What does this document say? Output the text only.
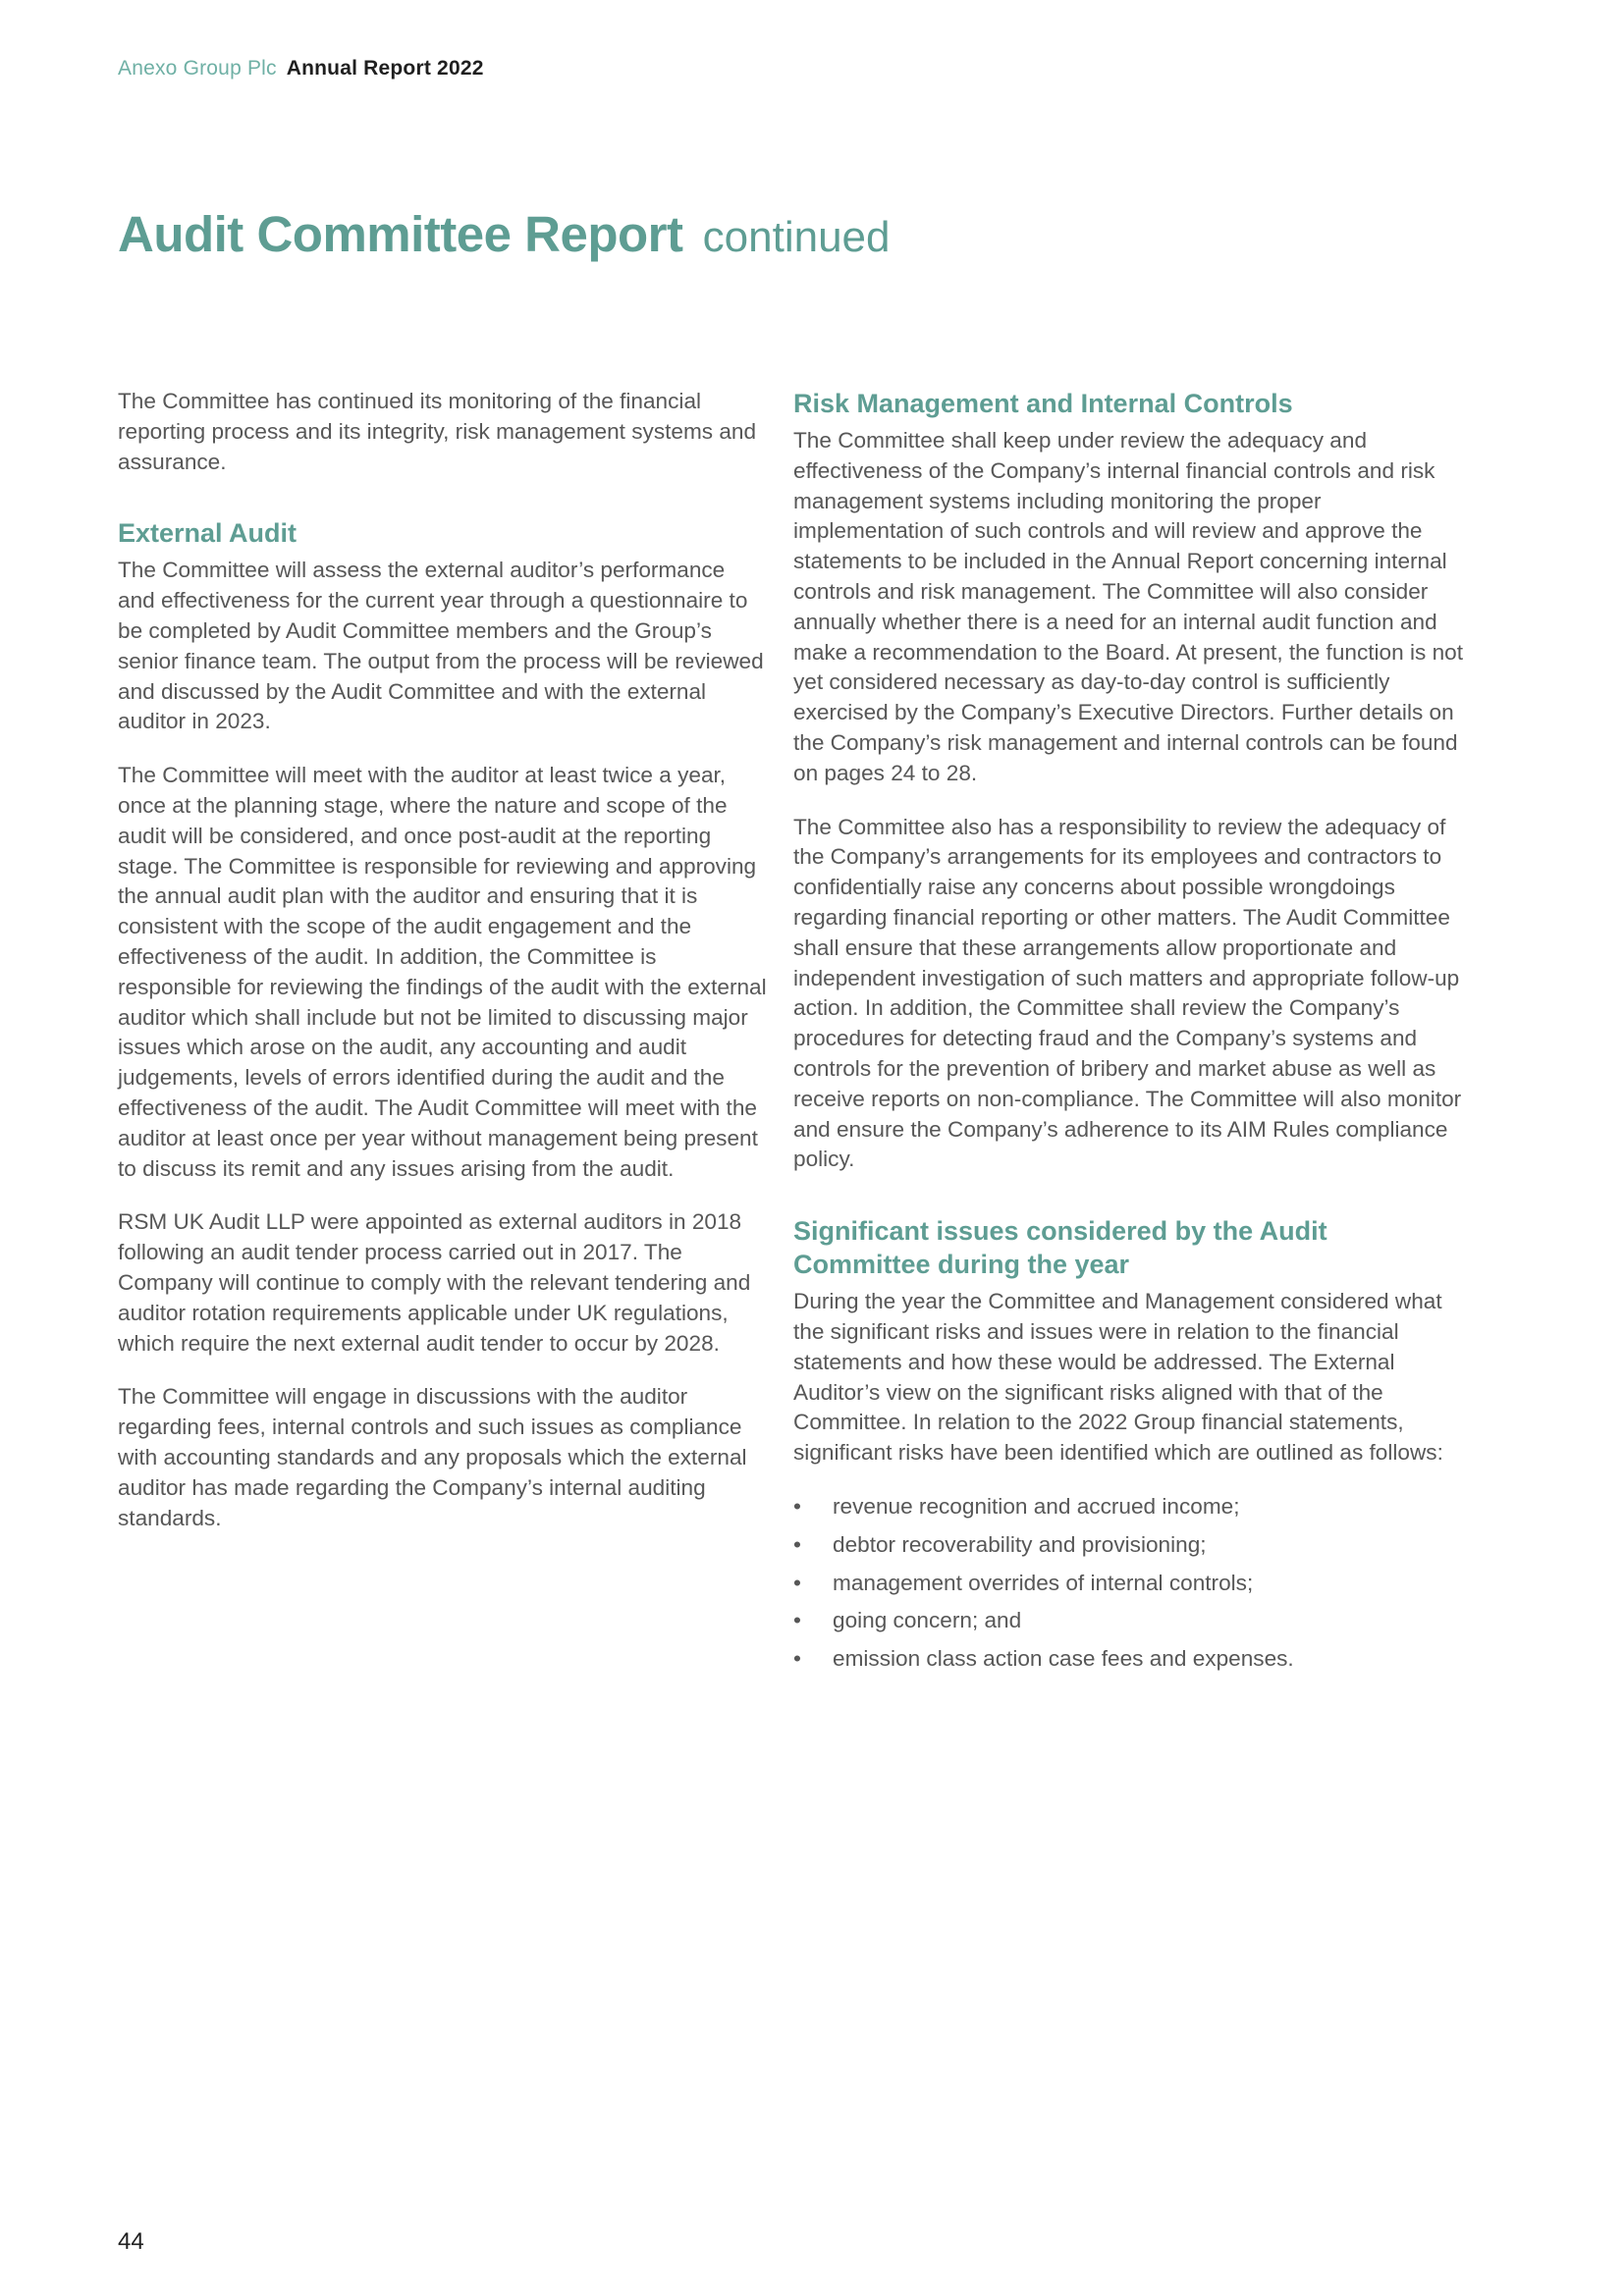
Anexo Group Plc Annual Report 2022
Audit Committee Report continued

The Committee has continued its monitoring of the financial reporting process and its integrity, risk management systems and assurance.

External Audit

The Committee will assess the external auditor’s performance and effectiveness for the current year through a questionnaire to be completed by Audit Committee members and the Group’s senior finance team. The output from the process will be reviewed and discussed by the Audit Committee and with the external auditor in 2023.

The Committee will meet with the auditor at least twice a year, once at the planning stage, where the nature and scope of the audit will be considered, and once post-audit at the reporting stage. The Committee is responsible for reviewing and approving the annual audit plan with the auditor and ensuring that it is consistent with the scope of the audit engagement and the effectiveness of the audit. In addition, the Committee is responsible for reviewing the findings of the audit with the external auditor which shall include but not be limited to discussing major issues which arose on the audit, any accounting and audit judgements, levels of errors identified during the audit and the effectiveness of the audit. The Audit Committee will meet with the auditor at least once per year without management being present to discuss its remit and any issues arising from the audit.

RSM UK Audit LLP were appointed as external auditors in 2018 following an audit tender process carried out in 2017. The Company will continue to comply with the relevant tendering and auditor rotation requirements applicable under UK regulations, which require the next external audit tender to occur by 2028.

The Committee will engage in discussions with the auditor regarding fees, internal controls and such issues as compliance with accounting standards and any proposals which the external auditor has made regarding the Company’s internal auditing standards.

Risk Management and Internal Controls

The Committee shall keep under review the adequacy and effectiveness of the Company’s internal financial controls and risk management systems including monitoring the proper implementation of such controls and will review and approve the statements to be included in the Annual Report concerning internal controls and risk management. The Committee will also consider annually whether there is a need for an internal audit function and make a recommendation to the Board. At present, the function is not yet considered necessary as day-to-day control is sufficiently exercised by the Company’s Executive Directors. Further details on the Company’s risk management and internal controls can be found on pages 24 to 28.

The Committee also has a responsibility to review the adequacy of the Company’s arrangements for its employees and contractors to confidentially raise any concerns about possible wrongdoings regarding financial reporting or other matters. The Audit Committee shall ensure that these arrangements allow proportionate and independent investigation of such matters and appropriate follow-up action. In addition, the Committee shall review the Company’s procedures for detecting fraud and the Company’s systems and controls for the prevention of bribery and market abuse as well as receive reports on non-compliance. The Committee will also monitor and ensure the Company’s adherence to its AIM Rules compliance policy.

Significant issues considered by the Audit Committee during the year

During the year the Committee and Management considered what the significant risks and issues were in relation to the financial statements and how these would be addressed. The External Auditor’s view on the significant risks aligned with that of the Committee. In relation to the 2022 Group financial statements, significant risks have been identified which are outlined as follows:

• revenue recognition and accrued income;
• debtor recoverability and provisioning;
• management overrides of internal controls;
• going concern; and
• emission class action case fees and expenses.
44
